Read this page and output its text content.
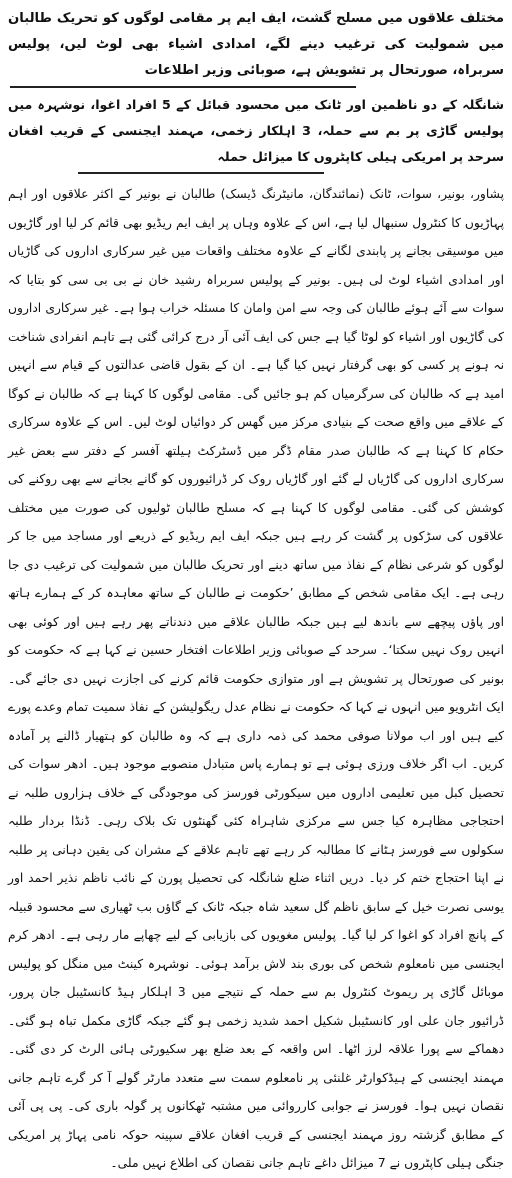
مختلف علاقوں میں مسلح گشت، ایف ایم پر مقامی لوگوں کو تحریک طالبان میں شمولیت کی ترغیب دینے لگے، امدادی اشیاء بھی لوٹ لیں، پولیس سربراہ، صورتحال پر تشویش ہے، صوبائی وزیر اطلاعات
شانگلہ کے دو ناظمین اور ٹانک میں محسود قبائل کے 5 افراد اغوا، نوشہرہ میں پولیس گاڑی پر بم سے حملہ، 3 اہلکار زخمی، مہمند ایجنسی کے قریب افغان سرحد پر امریکی ہیلی کاپٹروں کا میزائل حملہ

پشاور، بونیر، سوات، ٹانک (نمائندگان، مانیٹرنگ ڈیسک) طالبان نے بونیر کے اکثر علاقوں اور اہم پہاڑیوں کا کنٹرول سنبھال لیا ہے، اس کے علاوہ وہاں پر ایف ایم ریڈیو بھی قائم کر لیا اور گاڑیوں میں موسیقی بجانے پر پابندی لگانے کے علاوہ مختلف واقعات میں غیر سرکاری اداروں کی گاڑیاں اور امدادی اشیاء لوٹ لی ہیں۔ بونیر کے پولیس سربراہ رشید خان نے بی بی سی کو بتایا کہ سوات سے آئے ہوئے طالبان کی وجہ سے امن وامان کا مسئلہ خراب ہوا ہے۔ غیر سرکاری اداروں کی گاڑیوں اور اشیاء کو لوٹا گیا ہے جس کی ایف آئی آر درج کرائی گئی ہے تاہم انفرادی شناخت نہ ہونے پر کسی کو بھی گرفتار نہیں کیا گیا ہے۔ ان کے بقول قاضی عدالتوں کے قیام سے انہیں امید ہے کہ طالبان کی سرگرمیاں کم ہو جائیں گی۔ مقامی لوگوں کا کہنا ہے کہ طالبان نے کوگا کے علاقے میں واقع صحت کے بنیادی مرکز میں گھس کر دوائیاں لوٹ لیں۔ اس کے علاوہ سرکاری حکام کا کہنا ہے کہ طالبان صدر مقام ڈگر میں ڈسٹرکٹ ہیلتھ آفسر کے دفتر سے بعض غیر سرکاری اداروں کی گاڑیاں لے گئے اور گاڑیاں روک کر ڈرائیوروں کو گانے بجانے سے بھی روکنے کی کوشش کی گئی۔ مقامی لوگوں کا کہنا ہے کہ مسلح طالبان ٹولیوں کی صورت میں مختلف علاقوں کی سڑکوں پر گشت کر رہے ہیں جبکہ ایف ایم ریڈیو کے ذریعے اور مساجد میں جا کر لوگوں کو شرعی نظام کے نفاذ میں ساتھ دینے اور تحریک طالبان میں شمولیت کی ترغیب دی جا رہی ہے۔ ایک مقامی شخص کے مطابق ’حکومت نے طالبان کے ساتھ معاہدہ کر کے ہمارے ہاتھ اور پاؤں پیچھے سے باندھ لیے ہیں جبکہ طالبان علاقے میں دندناتے پھر رہے ہیں اور کوئی بھی انہیں روک نہیں سکتا‘۔ سرحد کے صوبائی وزیر اطلاعات افتخار حسین نے کہا ہے کہ حکومت کو بونیر کی صورتحال پر تشویش ہے اور متوازی حکومت قائم کرنے کی اجازت نہیں دی جائے گی۔ ایک انٹرویو میں انہوں نے کہا کہ حکومت نے نظام عدل ریگولیشن کے نفاذ سمیت تمام وعدے پورے کیے ہیں اور اب مولانا صوفی محمد کی ذمہ داری ہے کہ وہ طالبان کو ہتھیار ڈالنے پر آمادہ کریں۔ اب اگر خلاف ورزی ہوئی ہے تو ہمارے پاس متبادل منصوبے موجود ہیں۔ ادھر سوات کی تحصیل کبل میں تعلیمی اداروں میں سیکورٹی فورسز کی موجودگی کے خلاف ہزاروں طلبہ نے احتجاجی مظاہرہ کیا جس سے مرکزی شاہراہ کئی گھنٹوں تک بلاک رہی۔ ڈنڈا بردار طلبہ سکولوں سے فورسز ہٹانے کا مطالبہ کر رہے تھے تاہم علاقے کے مشران کی یقین دہانی پر طلبہ نے اپنا احتجاج ختم کر دیا۔ دریں اثناء ضلع شانگلہ کی تحصیل پورن کے نائب ناظم نذیر احمد اور یوسی نصرت خیل کے سابق ناظم گل سعید شاہ جبکہ ٹانک کے گاؤں بب ٹھیاری سے محسود قبیلہ کے پانچ افراد کو اغوا کر لیا گیا۔ پولیس مغویوں کی بازیابی کے لیے چھاپے مار رہی ہے۔ ادھر کرم ایجنسی میں نامعلوم شخص کی بوری بند لاش برآمد ہوئی۔ نوشہرہ کینٹ میں منگل کو پولیس موبائل گاڑی پر ریموٹ کنٹرول بم سے حملہ کے نتیجے میں 3 اہلکار ہیڈ کانسٹیبل جان پرور، ڈرائیور جان علی اور کانسٹیبل شکیل احمد شدید زخمی ہو گئے جبکہ گاڑی مکمل تباہ ہو گئی۔ دھماکے سے پورا علاقہ لرز اٹھا۔ اس واقعہ کے بعد ضلع بھر سکیورٹی ہائی الرٹ کر دی گئی۔ مہمند ایجنسی کے ہیڈکوارٹر غلنئی پر نامعلوم سمت سے متعدد مارٹر گولے آ کر گرے تاہم جانی نقصان نہیں ہوا۔ فورسز نے جوابی کارروائی میں مشتبہ ٹھکانوں پر گولہ باری کی۔ پی پی آئی کے مطابق گزشتہ روز مہمند ایجنسی کے قریب افغان علاقے سپینہ حوکہ نامی پہاڑ پر امریکی جنگی ہیلی کاپٹروں نے 7 میزائل داغے تاہم جانی نقصان کی اطلاع نہیں ملی۔
